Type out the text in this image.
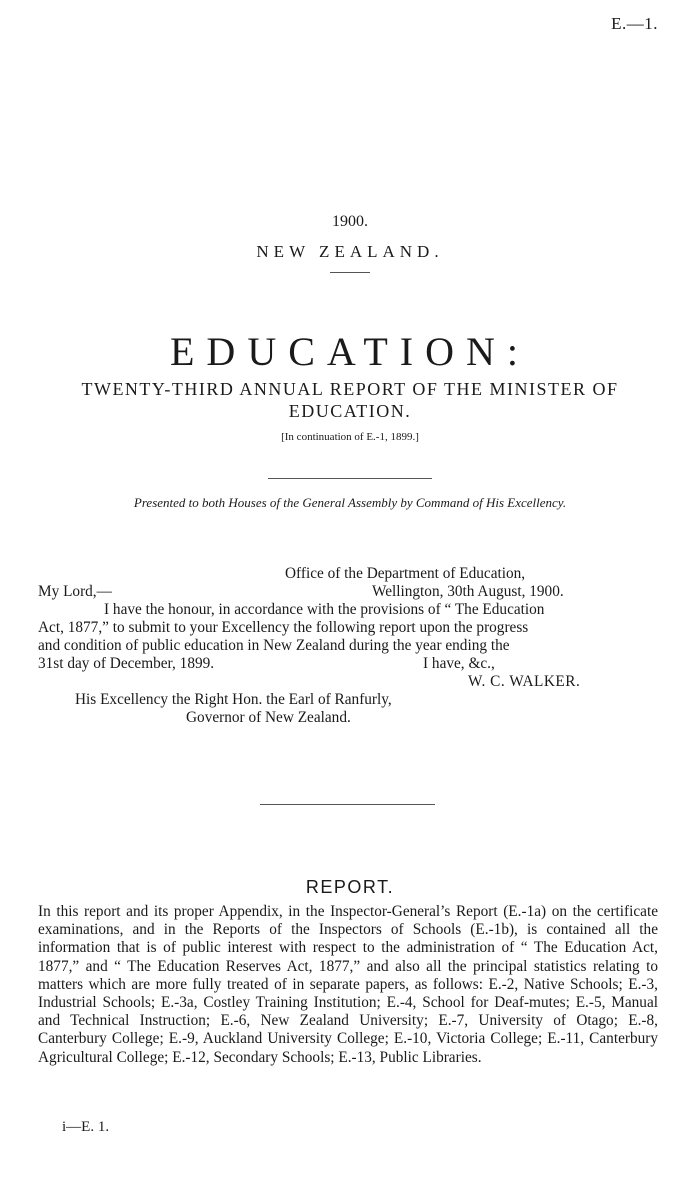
E.—1.
1900.
NEW ZEALAND.
EDUCATION:
TWENTY-THIRD ANNUAL REPORT OF THE MINISTER OF EDUCATION.
[In continuation of E.-1, 1899.]
Presented to both Houses of the General Assembly by Command of His Excellency.
Office of the Department of Education,
My Lord,—	Wellington, 30th August, 1900.
I have the honour, in accordance with the provisions of “ The Education
Act, 1877,” to submit to your Excellency the following report upon the progress
and condition of public education in New Zealand during the year ending the
31st day of December, 1899.	I have, &c.,
W. C. WALKER.
His Excellency the Right Hon. the Earl of Ranfurly,
Governor of New Zealand.
REPORT.
In this report and its proper Appendix, in the Inspector-General’s Report (E.-1a) on the certificate examinations, and in the Reports of the Inspectors of Schools (E.-1b), is contained all the information that is of public interest with respect to the administration of “ The Education Act, 1877,” and “ The Education Reserves Act, 1877,” and also all the principal statistics relating to matters which are more fully treated of in separate papers, as follows: E.-2, Native Schools; E.-3, Industrial Schools; E.-3a, Costley Training Institution; E.-4, School for Deaf-mutes; E.-5, Manual and Technical Instruction; E.-6, New Zealand University; E.-7, University of Otago; E.-8, Canterbury College; E.-9, Auckland University College; E.-10, Victoria College; E.-11, Canterbury Agricultural College; E.-12, Secondary Schools; E.-13, Public Libraries.
i—E. 1.
